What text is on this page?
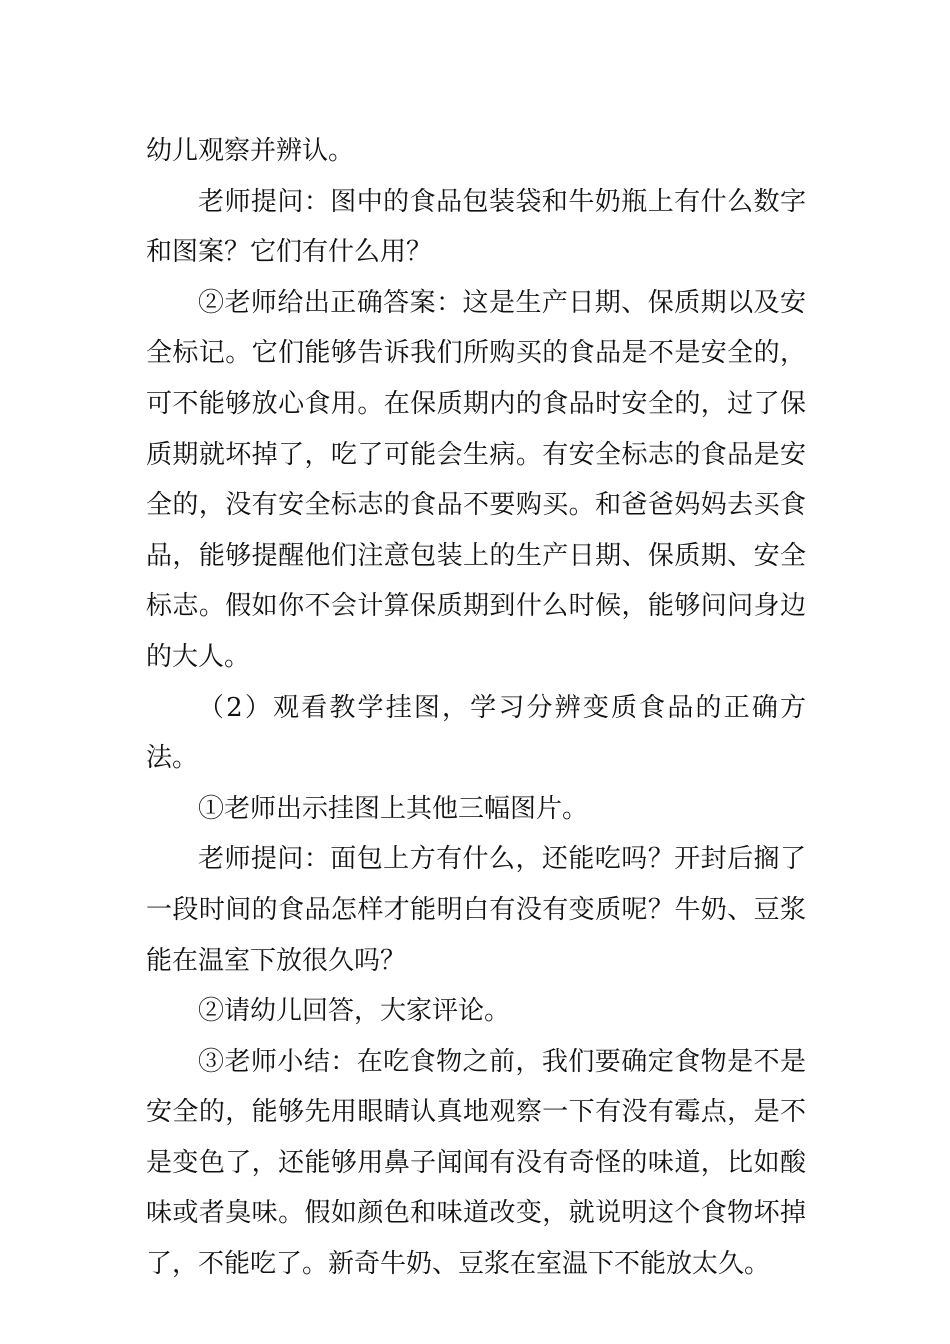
幼儿观察并辨认。

老师提问：图中的食品包装袋和牛奶瓶上有什么数字和图案？它们有什么用？

②老师给出正确答案：这是生产日期、保质期以及安全标记。它们能够告诉我们所购买的食品是不是安全的，可不能够放心食用。在保质期内的食品时安全的，过了保质期就坏掉了，吃了可能会生病。有安全标志的食品是安全的，没有安全标志的食品不要购买。和爸爸妈妈去买食品，能够提醒他们注意包装上的生产日期、保质期、安全标志。假如你不会计算保质期到什么时候，能够问问身边的大人。

（2）观看教学挂图，学习分辨变质食品的正确方法。

①老师出示挂图上其他三幅图片。

老师提问：面包上方有什么，还能吃吗？开封后搁了一段时间的食品怎样才能明白有没有变质呢？牛奶、豆浆能在温室下放很久吗？

②请幼儿回答，大家评论。

③老师小结：在吃食物之前，我们要确定食物是不是安全的，能够先用眼睛认真地观察一下有没有霉点，是不是变色了，还能够用鼻子闻闻有没有奇怪的味道，比如酸味或者臭味。假如颜色和味道改变，就说明这个食物坏掉了，不能吃了。新奇牛奶、豆浆在室温下不能放太久。
